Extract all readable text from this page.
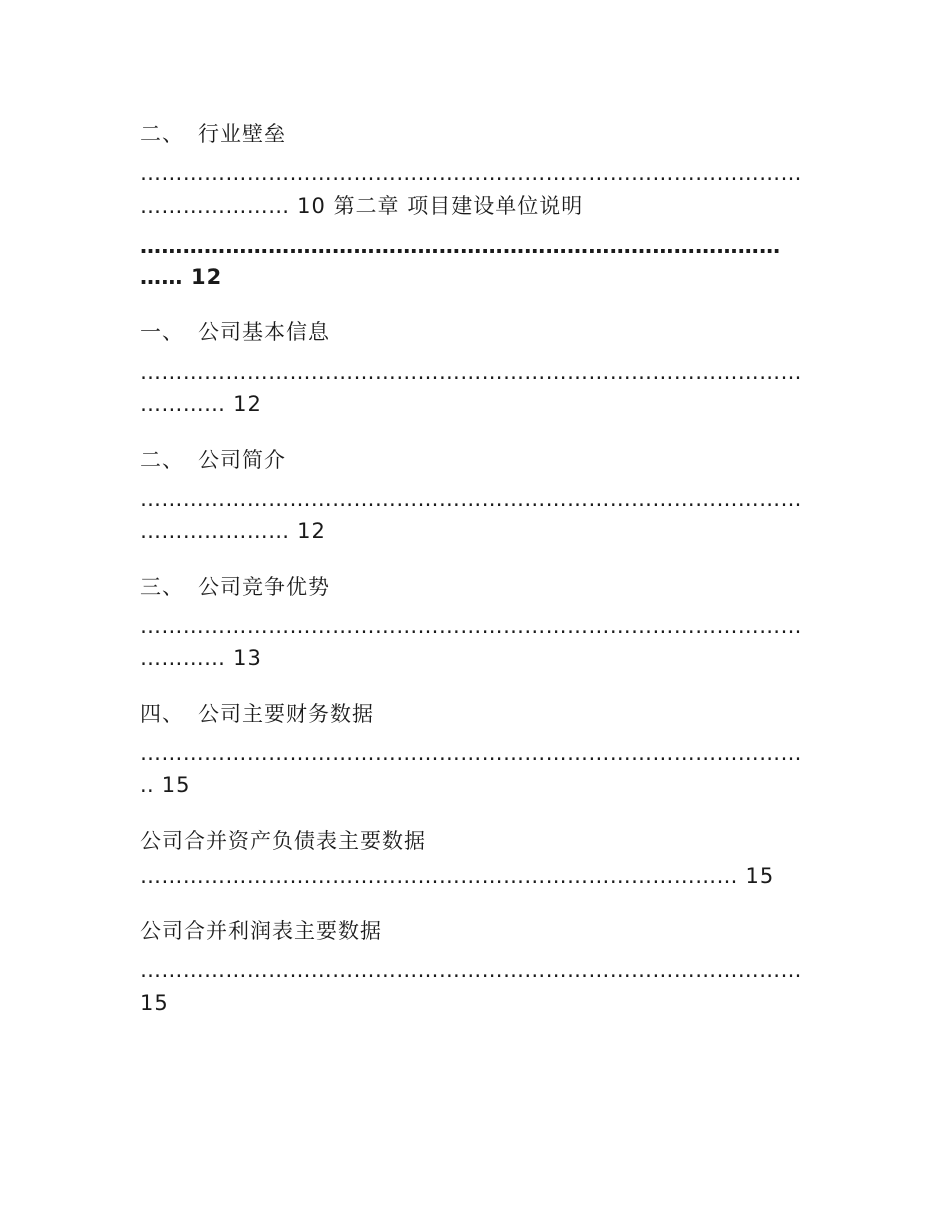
二、 行业壁垒
…………………………………………………………………………………
………………… 10 第二章 项目建设单位说明
………………………………………………………………………………
…… 12
一、 公司基本信息
…………………………………………………………………………………
………… 12
二、 公司简介
…………………………………………………………………………………
………………… 12
三、 公司竞争优势
…………………………………………………………………………………
………… 13
四、 公司主要财务数据
…………………………………………………………………………………
.. 15
公司合并资产负债表主要数据
………………………………………………………………………… 15
公司合并利润表主要数据
…………………………………………………………………………………
15
